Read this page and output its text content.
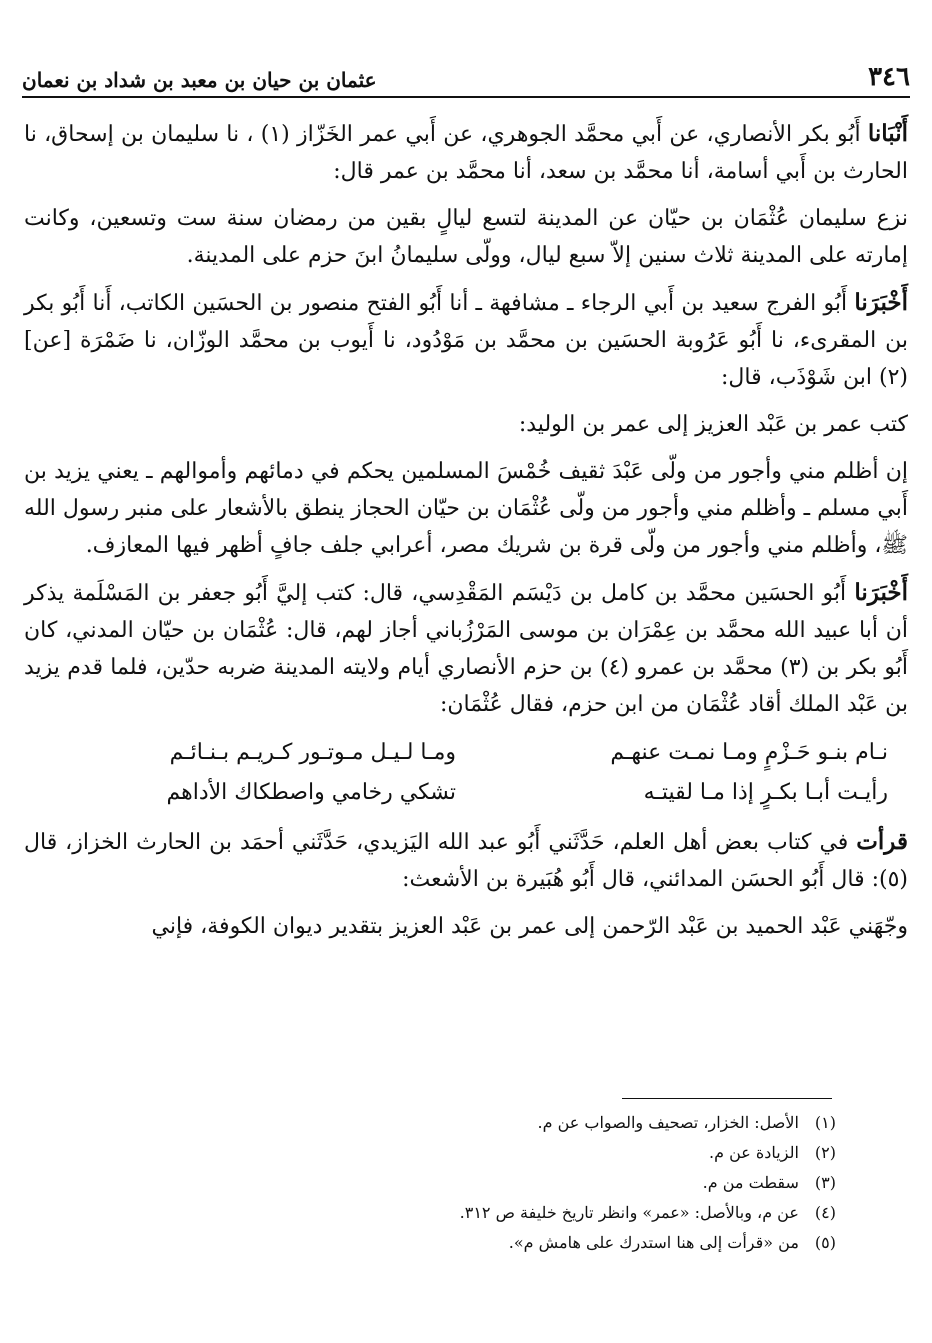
٣٤٦
عثمان بن حيان بن معبد بن شداد بن نعمان

أَنْبَانا أَبُو بكر الأنصاري، عن أَبي محمَّد الجوهري، عن أَبي عمر الخَزّاز (١) ، نا سليمان بن إسحاق، نا الحارث بن أَبي أسامة، أنا محمَّد بن سعد، أنا محمَّد بن عمر قال:

نزع سليمان عُثْمَان بن حيّان عن المدينة لتسع ليالٍ بقين من رمضان سنة ست وتسعين، وكانت إمارته على المدينة ثلاث سنين إلاّ سبع ليال، وولّى سليمانُ ابنَ حزم على المدينة.

أَخْبَرَنا أَبُو الفرج سعيد بن أَبي الرجاء ـ مشافهة ـ أنا أَبُو الفتح منصور بن الحسَين الكاتب، أَنا أَبُو بكر بن المقرىء، نا أَبُو عَرُوبة الحسَين بن محمَّد بن مَوْدُود، نا أَيوب بن محمَّد الوزّان، نا ضَمْرَة [عن] (٢) ابن شَوْذَب، قال:

كتب عمر بن عَبْد العزيز إلى عمر بن الوليد:

إن أظلم مني وأجور من ولّى عَبْدَ ثقيف خُمْسَ المسلمين يحكم في دمائهم وأموالهم ـ يعني يزيد بن أَبي مسلم ـ وأظلم مني وأجور من ولّى عُثْمَان بن حيّان الحجاز ينطق بالأشعار على منبر رسول الله ﷺ، وأظلم مني وأجور من ولّى قرة بن شريك مصر، أعرابي جلف جافٍ أظهر فيها المعازف.

أَخْبَرَنا أَبُو الحسَين محمَّد بن كامل بن دَيْسَم المَقْدِسي، قال: كتب إليَّ أَبُو جعفر بن المَسْلَمة يذكر أن أبا عبيد الله محمَّد بن عِمْرَان بن موسى المَرْزُباني أجاز لهم، قال: عُثْمَان بن حيّان المدني، كان أَبُو بكر بن (٣) محمَّد بن عمرو (٤) بن حزم الأنصاري أيام ولايته المدينة ضربه حدّين، فلما قدم يزيد بن عَبْد الملك أقاد عُثْمَان من ابن حزم، فقال عُثْمَان:

نـام بنـو حَـزْمٍ ومـا نمـت عنهـم
ومـا لـيـل مـوتـور كـريـم بـنـائـم
رأيـت أبـا بكـرٍ إذا مـا لقيتـه
تشكي رخامي واصطكاك الأداهم

قرأت في كتاب بعض أهل العلم، حَدَّثَني أَبُو عبد الله اليَزيدي، حَدَّثَني أحمَد بن الحارث الخزاز، قال (٥): قال أَبُو الحسَن المدائني، قال أَبُو هُبَيرة بن الأشعث:

وجّهَني عَبْد الحميد بن عَبْد الرّحمن إلى عمر بن عَبْد العزيز بتقدير ديوان الكوفة، فإني

(١)
الأصل: الخزار، تصحيف والصواب عن م.
(٢)
الزيادة عن م.
(٣)
سقطت من م.
(٤)
عن م، وبالأصل: «عمر» وانظر تاريخ خليفة ص ٣١٢.
(٥)
من «قرأت إلى هنا استدرك على هامش م».
